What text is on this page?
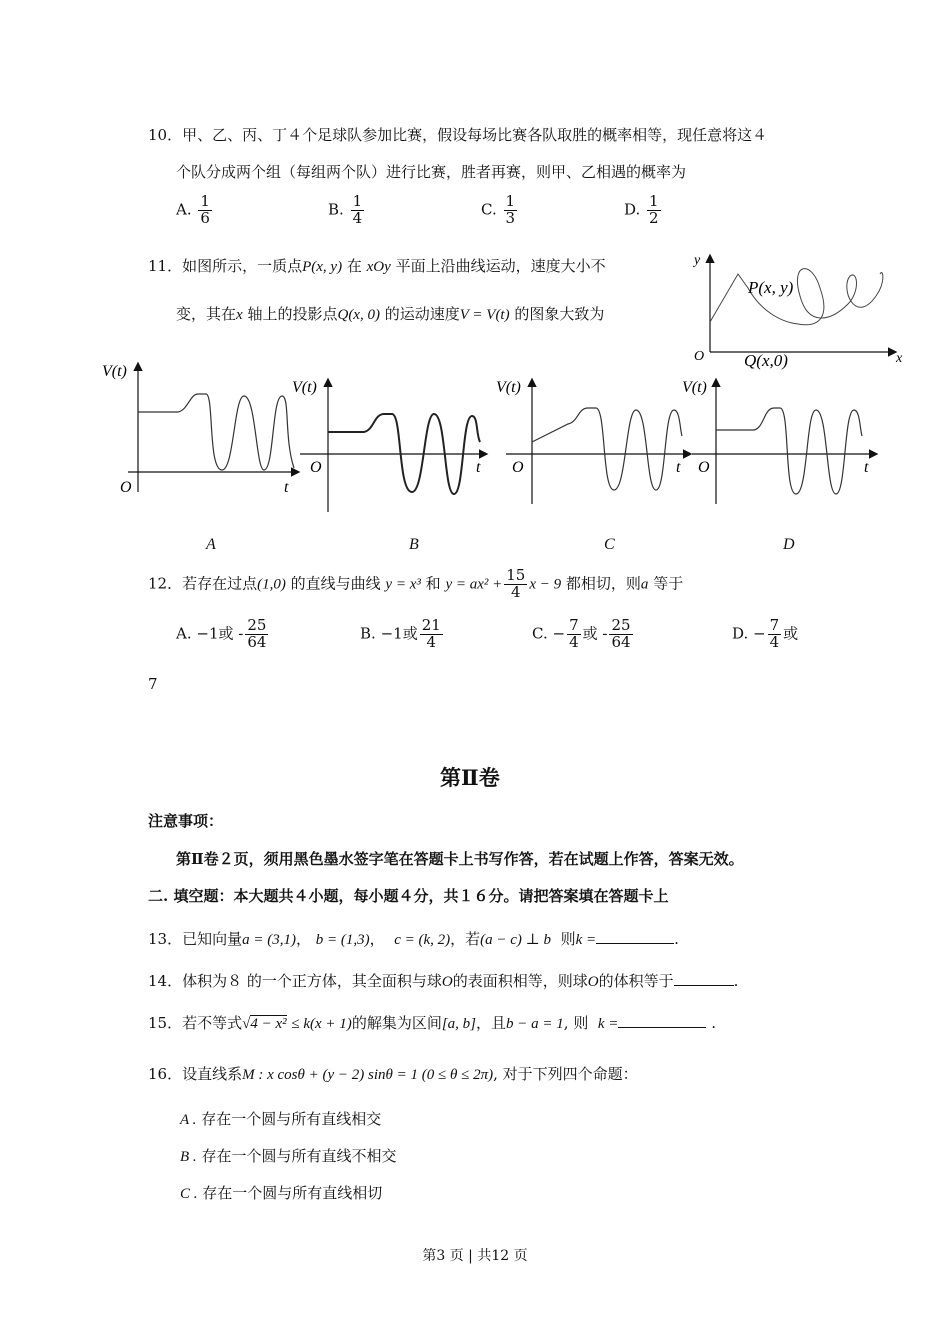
10．甲、乙、丙、丁４个足球队参加比赛，假设每场比赛各队取胜的概率相等，现任意将这４
个队分成两个组（每组两个队）进行比赛，胜者再赛，则甲、乙相遇的概率为
A. $\frac{1}{6}$	B. $\frac{1}{4}$	C. $\frac{1}{3}$	D. $\frac{1}{2}$
11．如图所示，一质点P(x, y) 在 xOy 平面上沿曲线运动，速度大小不
变，其在x 轴上的投影点Q(x, 0) 的运动速度V = V(t) 的图象大致为
y
x
O
P(x, y)
Q(x,0)
V(t)
O	t
A
V(t)
O	t
B
V(t)
O	t
C
V(t)
O	t
D
12．若存在过点(1,0) 的直线与曲线 y = x³ 和 $y = ax^2 + \frac{15}{4}$ x − 9 都相切，则a 等于
A. −1或 - $\frac{25}{64}$	B. −1或 $\frac{21}{4}$	C. − $\frac{7}{4}$ 或 - $\frac{25}{64}$	D. − $\frac{7}{4}$ 或
7
第Ⅱ卷
注意事项：
第Ⅱ卷２页，须用黑色墨水签字笔在答题卡上书写作答，若在试题上作答，答案无效。
二. 填空题：本大题共４小题，每小题４分，共１６分。请把答案填在答题卡上
13．已知向量a = (3,1)， b = (1,3)， c = (k, 2)，若(a − c) ⊥ b 则k =	.
14．体积为８ 的一个正方体，其全面积与球O的表面积相等，则球O的体积等于	.
15．若不等式√4 − x² ≤ k(x + 1)的解集为区间[a, b]，且b − a = 1, 则 k =	.
16．设直线系M : x cosθ + (y − 2) sinθ = 1 (0 ≤ θ ≤ 2π), 对于下列四个命题：
A . 存在一个圆与所有直线相交
B . 存在一个圆与所有直线不相交
C . 存在一个圆与所有直线相切
第3 页 | 共12 页
